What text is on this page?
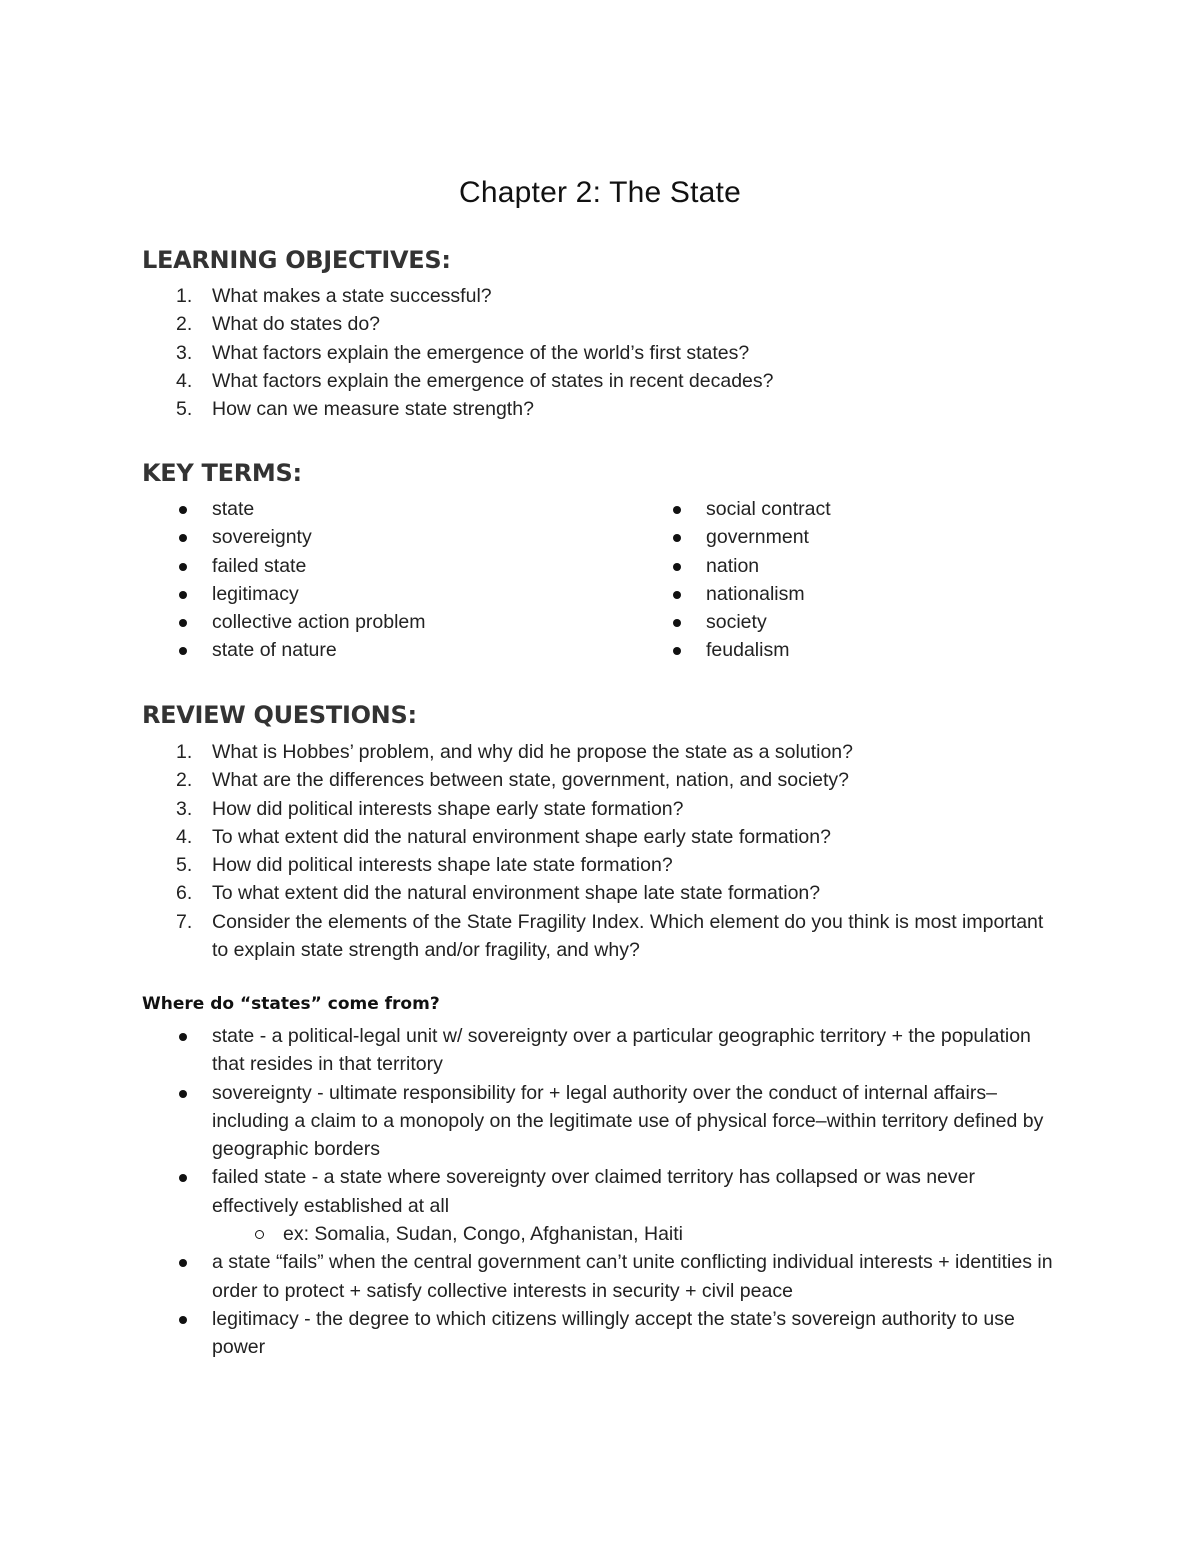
Chapter 2: The State
LEARNING OBJECTIVES:
1.	What makes a state successful?
2.	What do states do?
3.	What factors explain the emergence of the world’s first states?
4.	What factors explain the emergence of states in recent decades?
5.	How can we measure state strength?
KEY TERMS:
state
sovereignty
failed state
legitimacy
collective action problem
state of nature
social contract
government
nation
nationalism
society
feudalism
REVIEW QUESTIONS:
1.	What is Hobbes’ problem, and why did he propose the state as a solution?
2.	What are the differences between state, government, nation, and society?
3.	How did political interests shape early state formation?
4.	To what extent did the natural environment shape early state formation?
5.	How did political interests shape late state formation?
6.	To what extent did the natural environment shape late state formation?
7.	Consider the elements of the State Fragility Index. Which element do you think is most important to explain state strength and/or fragility, and why?
Where do “states” come from?
state - a political-legal unit w/ sovereignty over a particular geographic territory + the population that resides in that territory
sovereignty - ultimate responsibility for + legal authority over the conduct of internal affairs–including a claim to a monopoly on the legitimate use of physical force–within territory defined by geographic borders
failed state - a state where sovereignty over claimed territory has collapsed or was never effectively established at all
ex: Somalia, Sudan, Congo, Afghanistan, Haiti
a state “fails” when the central government can’t unite conflicting individual interests + identities in order to protect + satisfy collective interests in security + civil peace
legitimacy - the degree to which citizens willingly accept the state’s sovereign authority to use power
